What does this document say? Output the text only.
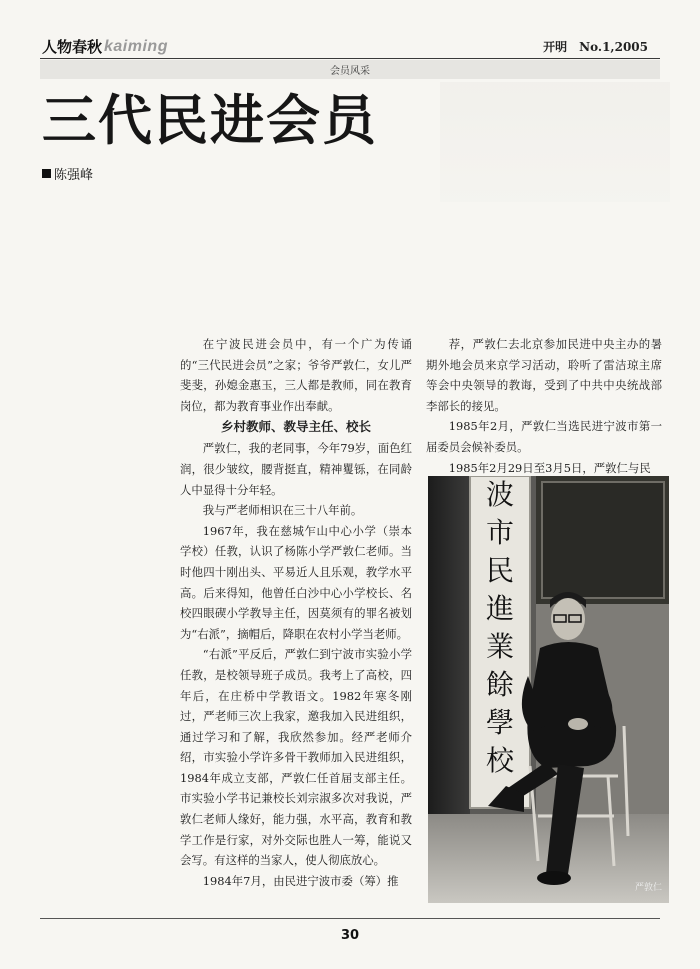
人物春秋 kaiming	开明　No.1,2005
会员风采
三代民进会员
陈强峰

在宁波民进会员中，有一个广为传诵的“三代民进会员”之家；爷爷严敦仁，女儿严斐斐，孙媳金惠玉，三人都是教师，同在教育岗位，都为教育事业作出奉献。

乡村教师、教导主任、校长

严敦仁，我的老同事，今年79岁，面色红润，很少皱纹，腰背挺直，精神矍铄，在同龄人中显得十分年轻。

我与严老师相识在三十八年前。

1967年，我在慈城乍山中心小学（崇本学校）任教，认识了杨陈小学严敦仁老师。当时他四十刚出头、平易近人且乐观，教学水平高。后来得知，他曾任白沙中心小学校长、名校四眼碶小学教导主任，因莫须有的罪名被划为“右派”，摘帽后，降职在农村小学当老师。

“右派”平反后，严敦仁到宁波市实验小学任教，是校领导班子成员。我考上了高校，四年后，在庄桥中学教语文。1982年寒冬刚过，严老师三次上我家，邀我加入民进组织，通过学习和了解，我欣然参加。经严老师介绍，市实验小学许多骨干教师加入民进组织，1984年成立支部，严敦仁任首届支部主任。市实验小学书记兼校长刘宗淑多次对我说，严敦仁老师人缘好，能力强，水平高，教育和教学工作是行家，对外交际也胜人一筹，能说又会写。有这样的当家人，使人彻底放心。

1984年7月，由民进宁波市委（筹）推

荐，严敦仁去北京参加民进中央主办的暑期外地会员来京学习活动，聆听了雷洁琼主席等会中央领导的教诲，受到了中共中央统战部李部长的接见。

1985年2月，严敦仁当选民进宁波市第一届委员会候补委员。

1985年2月29日至3月5日，严敦仁与民

波
市
民
進
業
餘
學
校
严敦仁
30
